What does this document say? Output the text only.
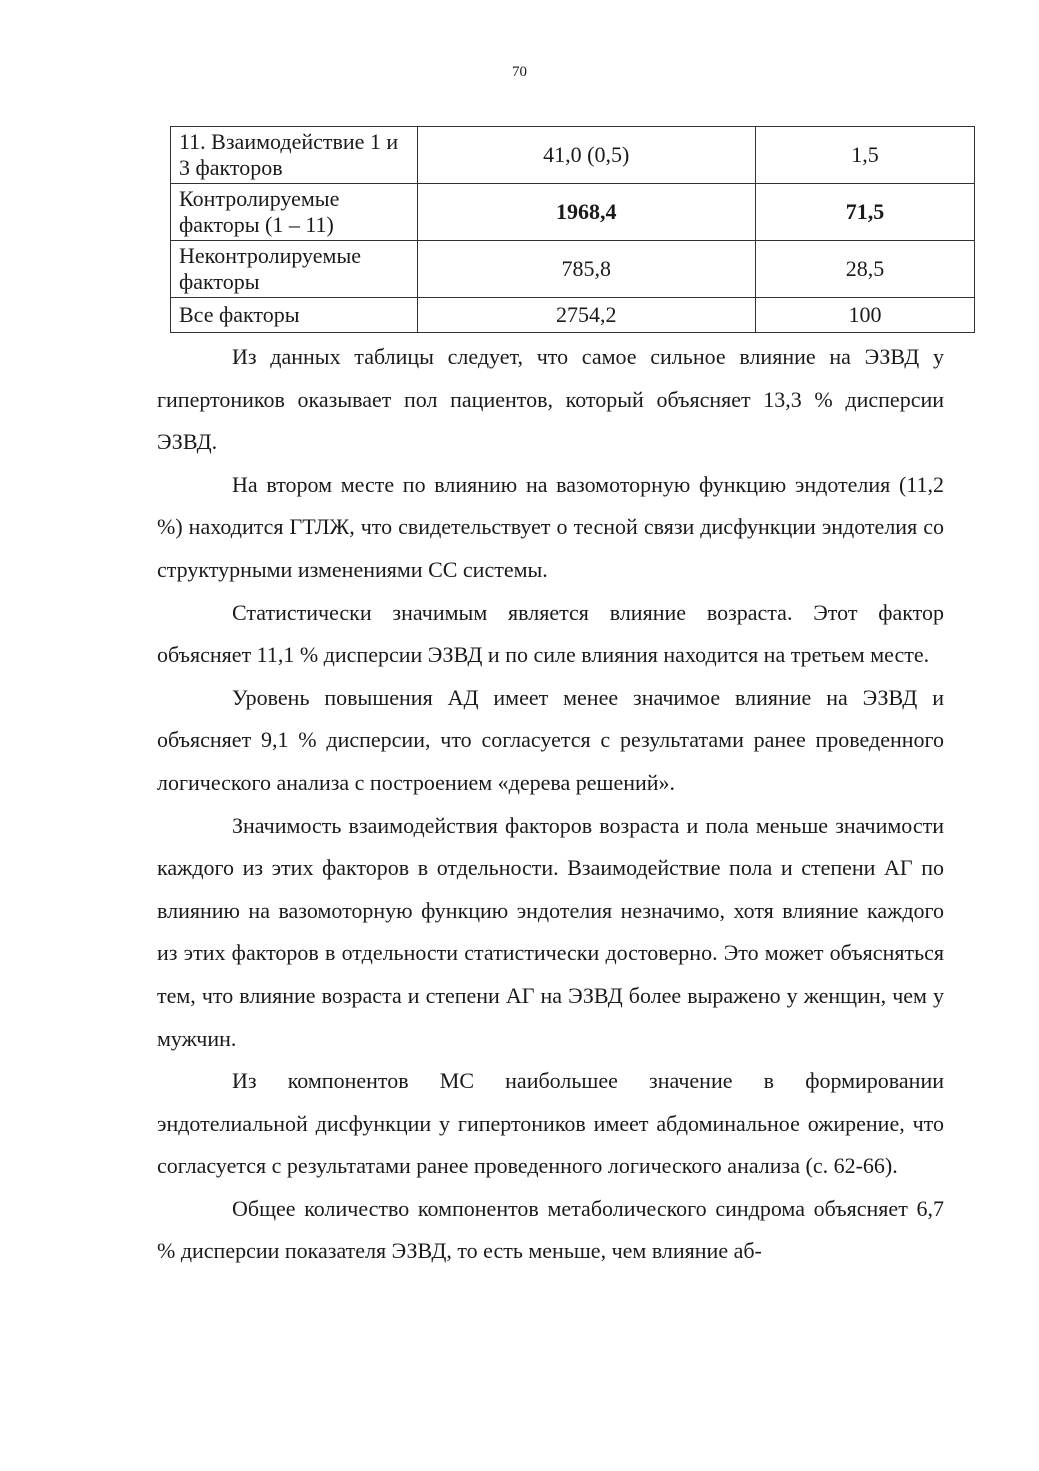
70
11. Взаимодействие 1 и 3 факторов	41,0 (0,5)	1,5
Контролируемые факторы (1 – 11)	1968,4	71,5
Неконтролируемые факторы	785,8	28,5
Все факторы	2754,2	100

Из данных таблицы следует, что самое сильное влияние на ЭЗВД у гипертоников оказывает пол пациентов, который объясняет 13,3 % дисперсии ЭЗВД.

На втором месте по влиянию на вазомоторную функцию эндотелия (11,2 %) находится ГТЛЖ, что свидетельствует о тесной связи дисфункции эндотелия со структурными изменениями СС системы.

Статистически значимым является влияние возраста. Этот фактор объясняет 11,1 % дисперсии ЭЗВД и по силе влияния находится на третьем месте.

Уровень повышения АД имеет менее значимое влияние на ЭЗВД и объясняет 9,1 % дисперсии, что согласуется с результатами ранее проведенного логического анализа с построением «дерева решений».

Значимость взаимодействия факторов возраста и пола меньше значимости каждого из этих факторов в отдельности. Взаимодействие пола и степени АГ по влиянию на вазомоторную функцию эндотелия незначимо, хотя влияние каждого из этих факторов в отдельности статистически достоверно. Это может объясняться тем, что влияние возраста и степени АГ на ЭЗВД более выражено у женщин, чем у мужчин.

Из компонентов МС наибольшее значение в формировании эндотелиальной дисфункции у гипертоников имеет абдоминальное ожирение, что согласуется с результатами ранее проведенного логического анализа (с. 62-66).

Общее количество компонентов метаболического синдрома объясняет 6,7 % дисперсии показателя ЭЗВД, то есть меньше, чем влияние аб-
